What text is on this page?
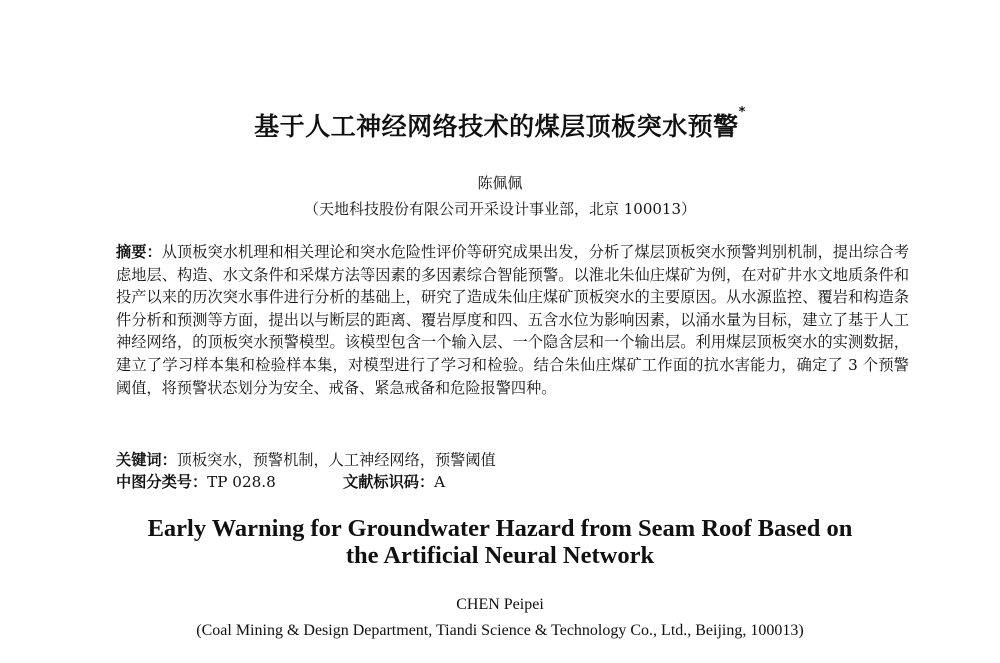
基于人工神经网络技术的煤层顶板突水预警*
陈佩佩
（天地科技股份有限公司开采设计事业部，北京 100013）
摘要：从顶板突水机理和相关理论和突水危险性评价等研究成果出发，分析了煤层顶板突水预警判别机制，提出综合考虑地层、构造、水文条件和采煤方法等因素的多因素综合智能预警。以淮北朱仙庄煤矿为例，在对矿井水文地质条件和投产以来的历次突水事件进行分析的基础上，研究了造成朱仙庄煤矿顶板突水的主要原因。从水源监控、覆岩和构造条件分析和预测等方面，提出以与断层的距离、覆岩厚度和四、五含水位为影响因素，以涌水量为目标，建立了基于人工神经网络，的顶板突水预警模型。该模型包含一个输入层、一个隐含层和一个输出层。利用煤层顶板突水的实测数据，建立了学习样本集和检验样本集，对模型进行了学习和检验。结合朱仙庄煤矿工作面的抗水害能力，确定了 3 个预警阈值，将预警状态划分为安全、戒备、紧急戒备和危险报警四种。
关键词：顶板突水，预警机制，人工神经网络，预警阈值
中图分类号：TP 028.8	文献标识码：A
Early Warning for Groundwater Hazard from Seam Roof Based on
the Artificial Neural Network
CHEN Peipei
(Coal Mining & Design Department, Tiandi Science & Technology Co., Ltd., Beijing, 100013)
